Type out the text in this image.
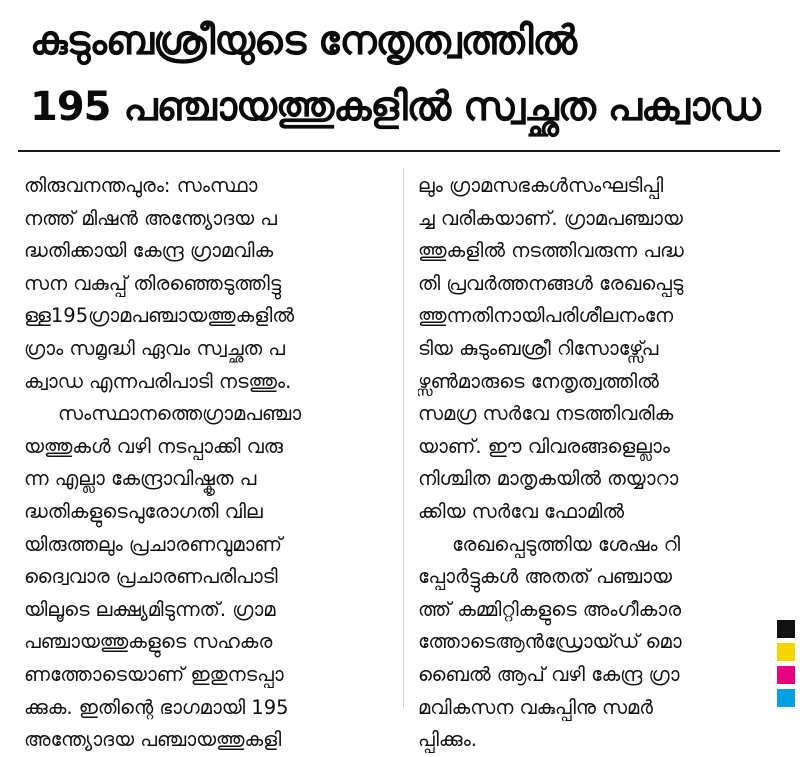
കുടുംബശ്രീയുടെ നേതൃത്വത്തിൽ
195 പഞ്ചായത്തുകളിൽ സ്വച്ഛത പക്വാഡ
തിരുവനന്തപുരം: സംസ്ഥാ
നത്ത് മിഷൻ അന്ത്യോദയ പ
ദ്ധതിക്കായി കേന്ദ്ര ഗ്രാമവിക
സന വകുപ്പ് തിരഞ്ഞെടുത്തിട്ടു
ള്ള195ഗ്രാമപഞ്ചായത്തുകളിൽ
ഗ്രാം സമൃദ്ധി ഏവം സ്വച്ഛത പ
ക്വാഡ എന്നപരിപാടി നടത്തും.
സംസ്ഥാനത്തെഗ്രാമപഞ്ചാ
യത്തുകൾ വഴി നടപ്പാക്കി വരു
ന്ന എല്ലാ കേന്ദ്രാവിഷ്കൃത പ
ദ്ധതികളുടെപുരോഗതി വില
യിരുത്തലും പ്രചാരണവുമാണ്
ദ്വൈവാര പ്രചാരണപരിപാടി
യിലൂടെ ലക്ഷ്യമിടുന്നത്. ഗ്രാമ
പഞ്ചായത്തുകളുടെ സഹകര
ണത്തോടെയാണ് ഇതുനടപ്പാ
ക്കുക. ഇതിന്റെ ഭാഗമായി 195
അന്ത്യോദയ പഞ്ചായത്തുകളി
ലും ഗ്രാമസഭകൾസംഘടിപ്പി
ച്ച വരികയാണ്. ഗ്രാമപഞ്ചായ
ത്തുകളിൽ നടത്തിവരുന്ന പദ്ധ
തി പ്രവർത്തനങ്ങൾ രേഖപ്പെടു
ത്തുന്നതിനായിപരിശീലനംനേ
ടിയ കുടുംബശ്രീ റിസോഴ്സ്പേ
ഴ്സൺമാരുടെ നേതൃത്വത്തിൽ
സമഗ്ര സർവേ നടത്തിവരിക
യാണ്. ഈ വിവരങ്ങളെല്ലാം
നിശ്ചിത മാതൃകയിൽ തയ്യാറാ
ക്കിയ സർവേ ഫോമിൽ
രേഖപ്പെടുത്തിയ ശേഷം റി
പ്പോർട്ടുകൾ അതത് പഞ്ചായ
ത്ത് കമ്മിറ്റികളുടെ അംഗീകാര
ത്തോടെആൻഡ്രോയ്ഡ് മൊ
ബൈൽ ആപ് വഴി കേന്ദ്ര ഗ്രാ
മവികസന വകുപ്പിനു സമർ
പ്പിക്കും.
